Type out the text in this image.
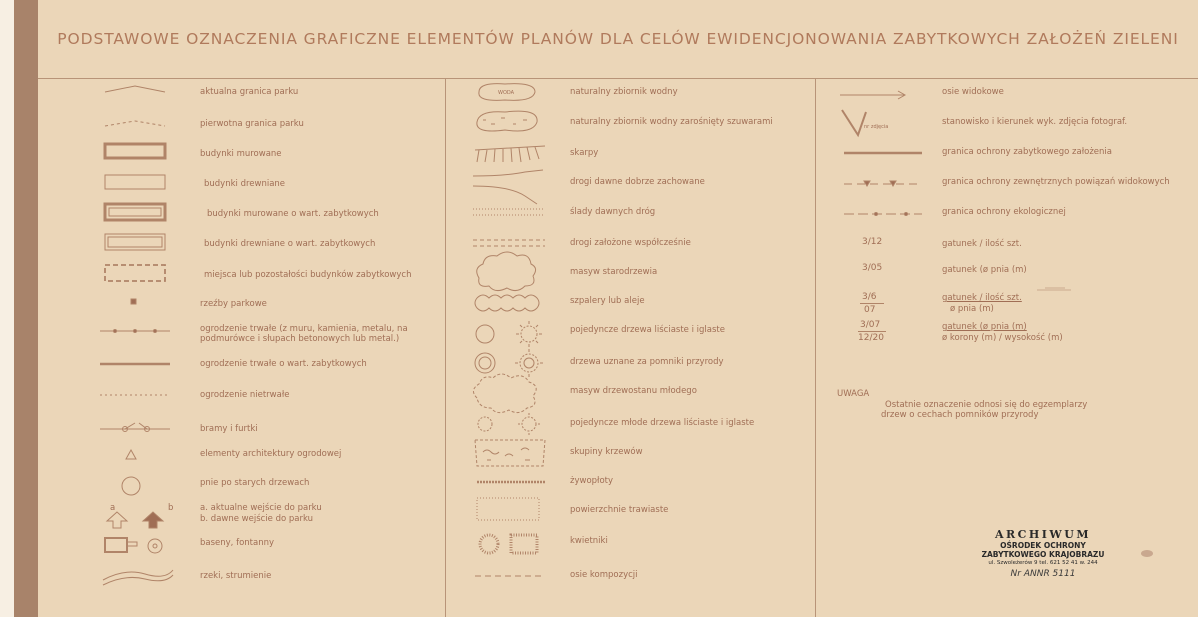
PODSTAWOWE OZNACZENIA GRAFICZNE ELEMENTÓW PLANÓW DLA CELÓW EWIDENCJONOWANIA ZABYTKOWYCH ZAŁOŻEŃ ZIELENI
a	b
aktualna granica parku
pierwotna granica parku
budynki murowane
budynki drewniane
budynki murowane o wart. zabytkowych
budynki drewniane o wart. zabytkowych
miejsca lub pozostałości budynków zabytkowych
rzeźby parkowe
ogrodzenie trwałe (z muru, kamienia, metalu, na
podmurówce i słupach betonowych lub metal.)
ogrodzenie trwałe o wart. zabytkowych
ogrodzenie nietrwałe
bramy i furtki
elementy architektury ogrodowej
pnie po starych drzewach
a. aktualne wejście do parku
b. dawne wejście do parku
baseny, fontanny
rzeki, strumienie
WODA	naturalny zbiornik wodny
naturalny zbiornik wodny zarośnięty szuwarami
skarpy
drogi dawne dobrze zachowane
ślady dawnych dróg
drogi założone współcześnie
masyw starodrzewia
szpalery lub aleje
pojedyncze drzewa liściaste i iglaste
drzewa uznane za pomniki przyrody
masyw drzewostanu młodego
pojedyncze młode drzewa liściaste i iglaste
skupiny krzewów
żywopłoty
powierzchnie trawiaste
kwietniki
osie kompozycji
nr zdjęcia
3/12
3/05
3/6
07
3/07
12/20
osie widokowe
stanowisko i kierunek wyk. zdjęcia fotograf.
granica ochrony zabytkowego założenia
granica ochrony zewnętrznych powiązań widokowych
granica ochrony ekologicznej
gatunek / ilość szt.
gatunek (ø pnia (m)
gatunek / ilość szt.
ø pnia (m)
gatunek (ø pnia (m)
ø korony (m) / wysokość (m)
UWAGA
Ostatnie oznaczenie odnosi się do egzemplarzy
drzew o cechach pomników przyrody
ARCHIWUM
OŚRODEK OCHRONY
ZABYTKOWEGO KRAJOBRAZU
ul. Szwoleżerów 9 tel. 621 52 41 w. 244
Nr ANNR 5111
